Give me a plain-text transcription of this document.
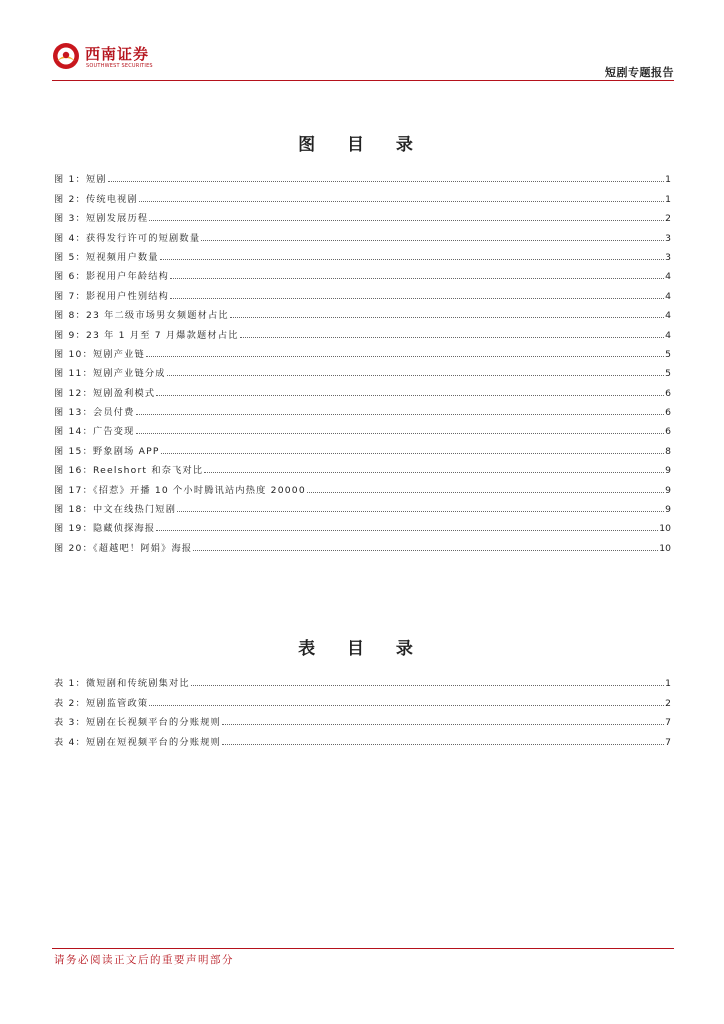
西南证券
SOUTHWEST SECURITIES	短剧专题报告
图 目 录
图 1：短剧	1
图 2：传统电视剧	1
图 3：短剧发展历程	2
图 4：获得发行许可的短剧数量	3
图 5：短视频用户数量	3
图 6：影视用户年龄结构	4
图 7：影视用户性别结构	4
图 8：23 年二级市场男女频题材占比	4
图 9：23 年 1 月至 7 月爆款题材占比	4
图 10：短剧产业链	5
图 11：短剧产业链分成	5
图 12：短剧盈利模式	6
图 13：会员付费	6
图 14：广告变现	6
图 15：野象剧场 APP	8
图 16：Reelshort 和奈飞对比	9
图 17：《招惹》开播 10 个小时腾讯站内热度 20000	9
图 18：中文在线热门短剧	9
图 19：隐藏侦探海报	10
图 20：《超越吧！阿娟》海报	10
表 目 录
表 1：微短剧和传统剧集对比	1
表 2：短剧监管政策	2
表 3：短剧在长视频平台的分账规则	7
表 4：短剧在短视频平台的分账规则	7
请务必阅读正文后的重要声明部分
